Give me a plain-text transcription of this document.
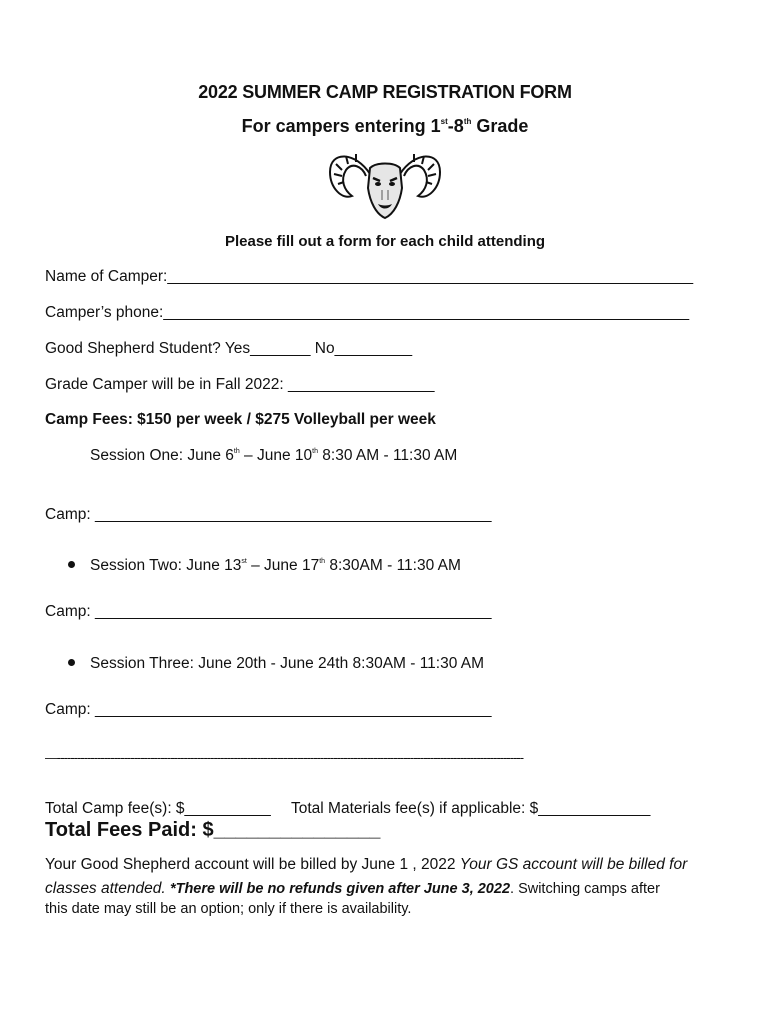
2022 SUMMER CAMP REGISTRATION FORM
For campers entering 1st-8th Grade
Please fill out a form for each child attending
Name of Camper:_____________________________________________________________
Camper’s phone:_____________________________________________________________
Good Shepherd Student? Yes_______ No_________
Grade Camper will be in Fall 2022: _________________
Camp Fees: $150 per week / $275 Volleyball per week
Session One: June 6th – June 10th 8:30 AM - 11:30 AM
Camp: ______________________________________________
Session Two: June 13st – June 17th 8:30AM - 11:30 AM
Camp: ______________________________________________
Session Three: June 20th - June 24th 8:30AM - 11:30 AM
Camp: ______________________________________________
—--------------------------------------------------------------------------------------------------------------------------------------------
Total Camp fee(s): $__________ Total Materials fee(s) if applicable: $_____________
Total Fees Paid: $_______________
Your Good Shepherd account will be billed by June 1 , 2022 Your GS account will be billed for
classes attended. *There will be no refunds given after June 3, 2022. Switching camps after
this date may still be an option; only if there is availability.
